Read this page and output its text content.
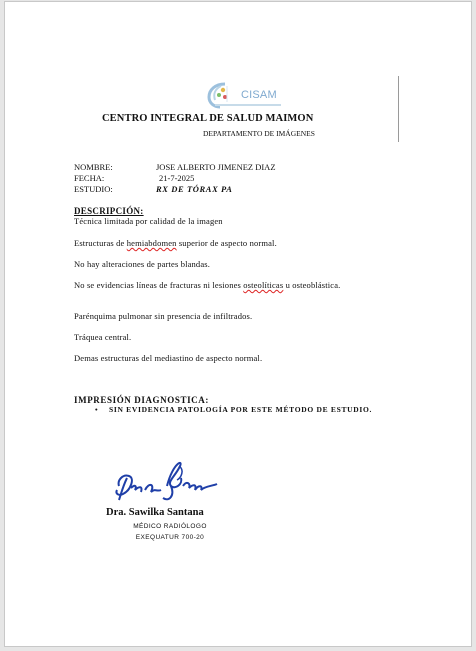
CISAM
CENTRO INTEGRAL DE SALUD MAIMON
DEPARTAMENTO DE IMÁGENES
NOMBRE:	JOSE ALBERTO JIMENEZ DIAZ
FECHA:	21-7-2025
ESTUDIO:	RX DE TÓRAX PA
DESCRIPCIÓN:
Técnica limitada por calidad de la imagen
Estructuras de hemiabdomen superior de aspecto normal.
No hay alteraciones de partes blandas.
No se evidencias líneas de fracturas ni lesiones osteolíticas u osteoblástica.
Parénquima pulmonar sin presencia de infiltrados.
Tráquea central.
Demas estructuras del mediastino de aspecto normal.
IMPRESIÓN DIAGNOSTICA:
• SIN EVIDENCIA PATOLOGÍA POR ESTE MÉTODO DE ESTUDIO.
Dra. Sawilka Santana
MÉDICO RADIÓLOGO
EXEQUATUR 700-20
